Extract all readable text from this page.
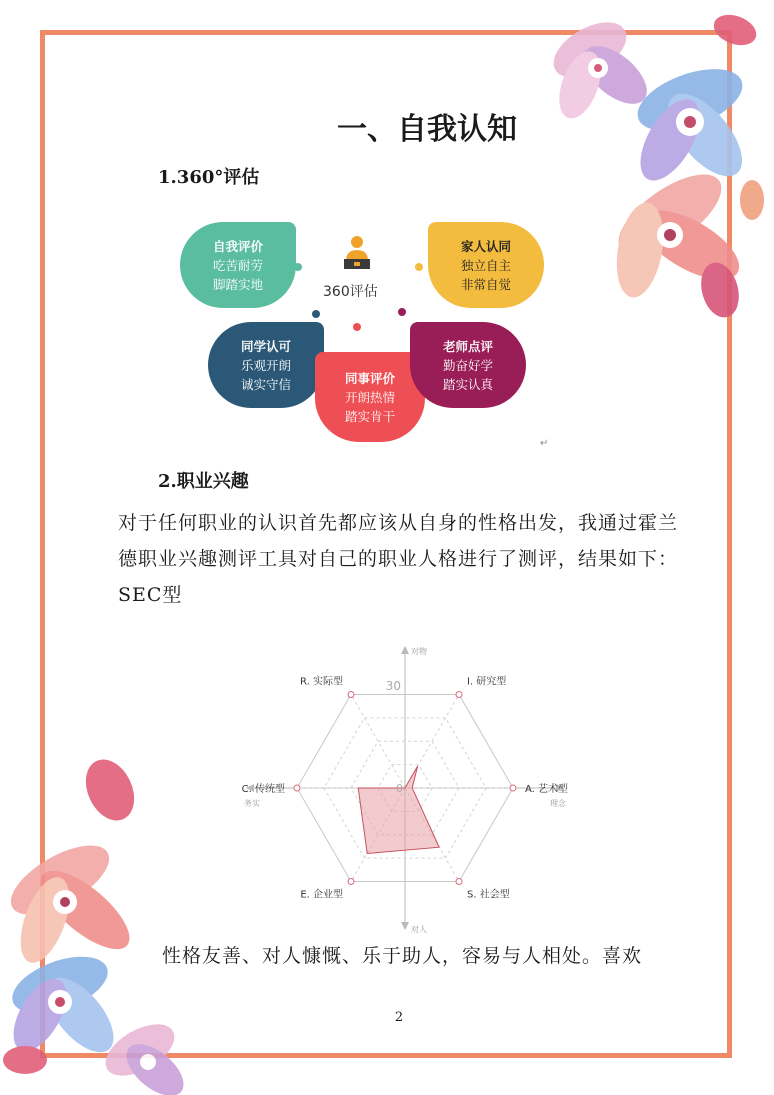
一、自我认知
1.360°评估
自我评价
吃苦耐劳
脚踏实地
家人认同
独立自主
非常自觉
同学认可
乐观开朗
诚实守信	同事评价
开朗热情
踏实肯干
老师点评
勤奋好学
踏实认真
360评估
↵
2.职业兴趣
对于任何职业的认识首先都应该从自身的性格出发，我通过霍兰德职业兴趣测评工具对自己的职业人格进行了测评，结果如下：SEC型
R. 实际型	I. 研究型
A. 艺术型
S. 社会型
E. 企业型
C. 传统型
30
0
对物
对人
务实	理念
性格友善、对人慷慨、乐于助人，容易与人相处。喜欢
2
